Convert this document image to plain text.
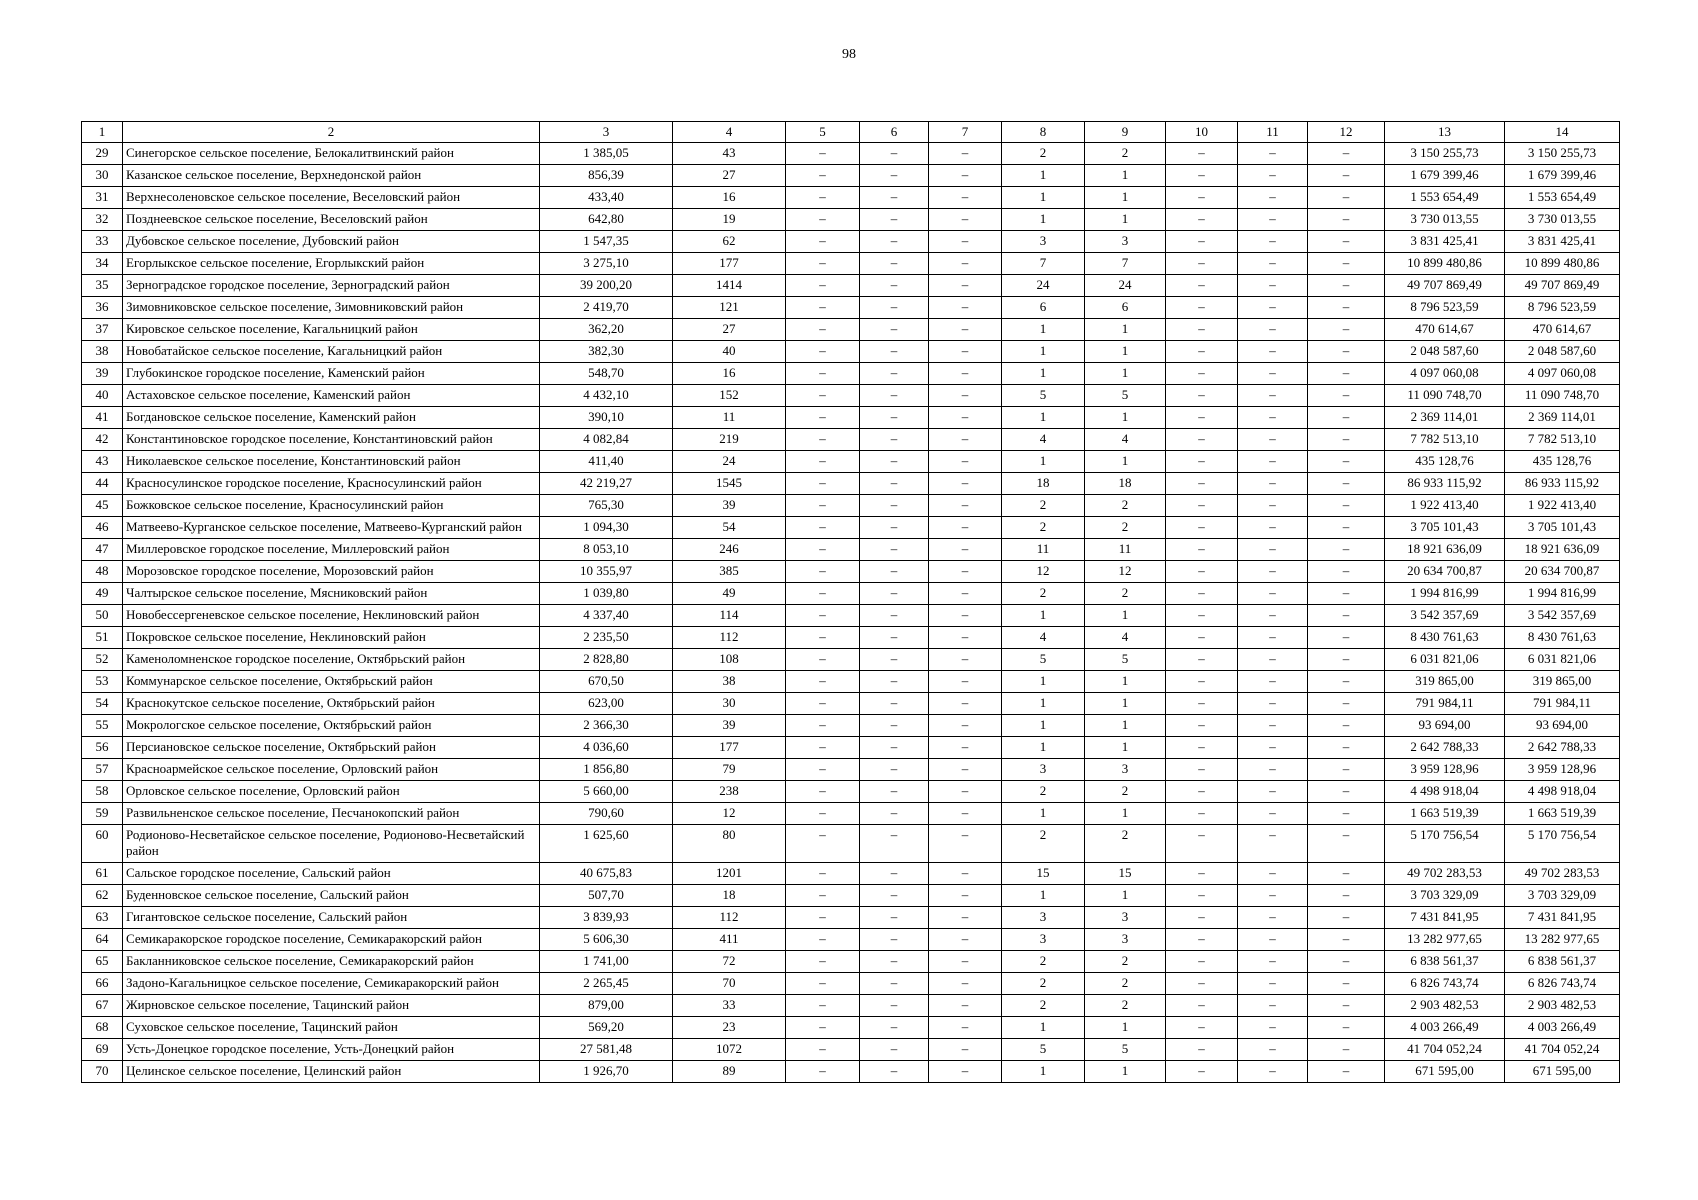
98
1	2	3	4	5	6	7	8	9	10	11	12	13	14
29	Синегорское сельское поселение, Белокалитвинский район	1 385,05	43	–	–	–	2	2	–	–	–	3 150 255,73	3 150 255,73
30	Казанское сельское поселение, Верхнедонской район	856,39	27	–	–	–	1	1	–	–	–	1 679 399,46	1 679 399,46
31	Верхнесоленовское сельское поселение, Веселовский район	433,40	16	–	–	–	1	1	–	–	–	1 553 654,49	1 553 654,49
32	Позднеевское сельское поселение, Веселовский район	642,80	19	–	–	–	1	1	–	–	–	3 730 013,55	3 730 013,55
33	Дубовское сельское поселение, Дубовский район	1 547,35	62	–	–	–	3	3	–	–	–	3 831 425,41	3 831 425,41
34	Егорлыкское сельское поселение, Егорлыкский район	3 275,10	177	–	–	–	7	7	–	–	–	10 899 480,86	10 899 480,86
35	Зерноградское городское поселение, Зерноградский район	39 200,20	1414	–	–	–	24	24	–	–	–	49 707 869,49	49 707 869,49
36	Зимовниковское сельское поселение, Зимовниковский район	2 419,70	121	–	–	–	6	6	–	–	–	8 796 523,59	8 796 523,59
37	Кировское сельское поселение, Кагальницкий район	362,20	27	–	–	–	1	1	–	–	–	470 614,67	470 614,67
38	Новобатайское сельское поселение, Кагальницкий район	382,30	40	–	–	–	1	1	–	–	–	2 048 587,60	2 048 587,60
39	Глубокинское городское поселение, Каменский район	548,70	16	–	–	–	1	1	–	–	–	4 097 060,08	4 097 060,08
40	Астаховское сельское поселение, Каменский район	4 432,10	152	–	–	–	5	5	–	–	–	11 090 748,70	11 090 748,70
41	Богдановское сельское поселение, Каменский район	390,10	11	–	–	–	1	1	–	–	–	2 369 114,01	2 369 114,01
42	Константиновское городское поселение, Константиновский район	4 082,84	219	–	–	–	4	4	–	–	–	7 782 513,10	7 782 513,10
43	Николаевское сельское поселение, Константиновский район	411,40	24	–	–	–	1	1	–	–	–	435 128,76	435 128,76
44	Красносулинское городское поселение, Красносулинский район	42 219,27	1545	–	–	–	18	18	–	–	–	86 933 115,92	86 933 115,92
45	Божковское сельское поселение, Красносулинский район	765,30	39	–	–	–	2	2	–	–	–	1 922 413,40	1 922 413,40
46	Матвеево-Курганское сельское поселение, Матвеево-Курганский район	1 094,30	54	–	–	–	2	2	–	–	–	3 705 101,43	3 705 101,43
47	Миллеровское городское поселение, Миллеровский район	8 053,10	246	–	–	–	11	11	–	–	–	18 921 636,09	18 921 636,09
48	Морозовское городское поселение, Морозовский район	10 355,97	385	–	–	–	12	12	–	–	–	20 634 700,87	20 634 700,87
49	Чалтырское сельское поселение, Мясниковский район	1 039,80	49	–	–	–	2	2	–	–	–	1 994 816,99	1 994 816,99
50	Новобессергеневское сельское поселение, Неклиновский район	4 337,40	114	–	–	–	1	1	–	–	–	3 542 357,69	3 542 357,69
51	Покровское сельское поселение, Неклиновский район	2 235,50	112	–	–	–	4	4	–	–	–	8 430 761,63	8 430 761,63
52	Каменоломненское городское поселение, Октябрьский район	2 828,80	108	–	–	–	5	5	–	–	–	6 031 821,06	6 031 821,06
53	Коммунарское сельское поселение, Октябрьский район	670,50	38	–	–	–	1	1	–	–	–	319 865,00	319 865,00
54	Краснокутское сельское поселение, Октябрьский район	623,00	30	–	–	–	1	1	–	–	–	791 984,11	791 984,11
55	Мокрологское сельское поселение, Октябрьский район	2 366,30	39	–	–	–	1	1	–	–	–	93 694,00	93 694,00
56	Персиановское сельское поселение, Октябрьский район	4 036,60	177	–	–	–	1	1	–	–	–	2 642 788,33	2 642 788,33
57	Красноармейское сельское поселение, Орловский район	1 856,80	79	–	–	–	3	3	–	–	–	3 959 128,96	3 959 128,96
58	Орловское сельское поселение, Орловский район	5 660,00	238	–	–	–	2	2	–	–	–	4 498 918,04	4 498 918,04
59	Развильненское сельское поселение, Песчанокопский район	790,60	12	–	–	–	1	1	–	–	–	1 663 519,39	1 663 519,39
60	Родионово-Несветайское сельское поселение, Родионово-Несветайский район	1 625,60	80	–	–	–	2	2	–	–	–	5 170 756,54	5 170 756,54
61	Сальское городское поселение, Сальский район	40 675,83	1201	–	–	–	15	15	–	–	–	49 702 283,53	49 702 283,53
62	Буденновское сельское поселение, Сальский район	507,70	18	–	–	–	1	1	–	–	–	3 703 329,09	3 703 329,09
63	Гигантовское сельское поселение, Сальский район	3 839,93	112	–	–	–	3	3	–	–	–	7 431 841,95	7 431 841,95
64	Семикаракорское городское поселение, Семикаракорский район	5 606,30	411	–	–	–	3	3	–	–	–	13 282 977,65	13 282 977,65
65	Бакланниковское сельское поселение, Семикаракорский район	1 741,00	72	–	–	–	2	2	–	–	–	6 838 561,37	6 838 561,37
66	Задоно-Кагальницкое сельское поселение, Семикаракорский район	2 265,45	70	–	–	–	2	2	–	–	–	6 826 743,74	6 826 743,74
67	Жирновское сельское поселение, Тацинский район	879,00	33	–	–	–	2	2	–	–	–	2 903 482,53	2 903 482,53
68	Суховское сельское поселение, Тацинский район	569,20	23	–	–	–	1	1	–	–	–	4 003 266,49	4 003 266,49
69	Усть-Донецкое городское поселение, Усть-Донецкий район	27 581,48	1072	–	–	–	5	5	–	–	–	41 704 052,24	41 704 052,24
70	Целинское сельское поселение, Целинский район	1 926,70	89	–	–	–	1	1	–	–	–	671 595,00	671 595,00
